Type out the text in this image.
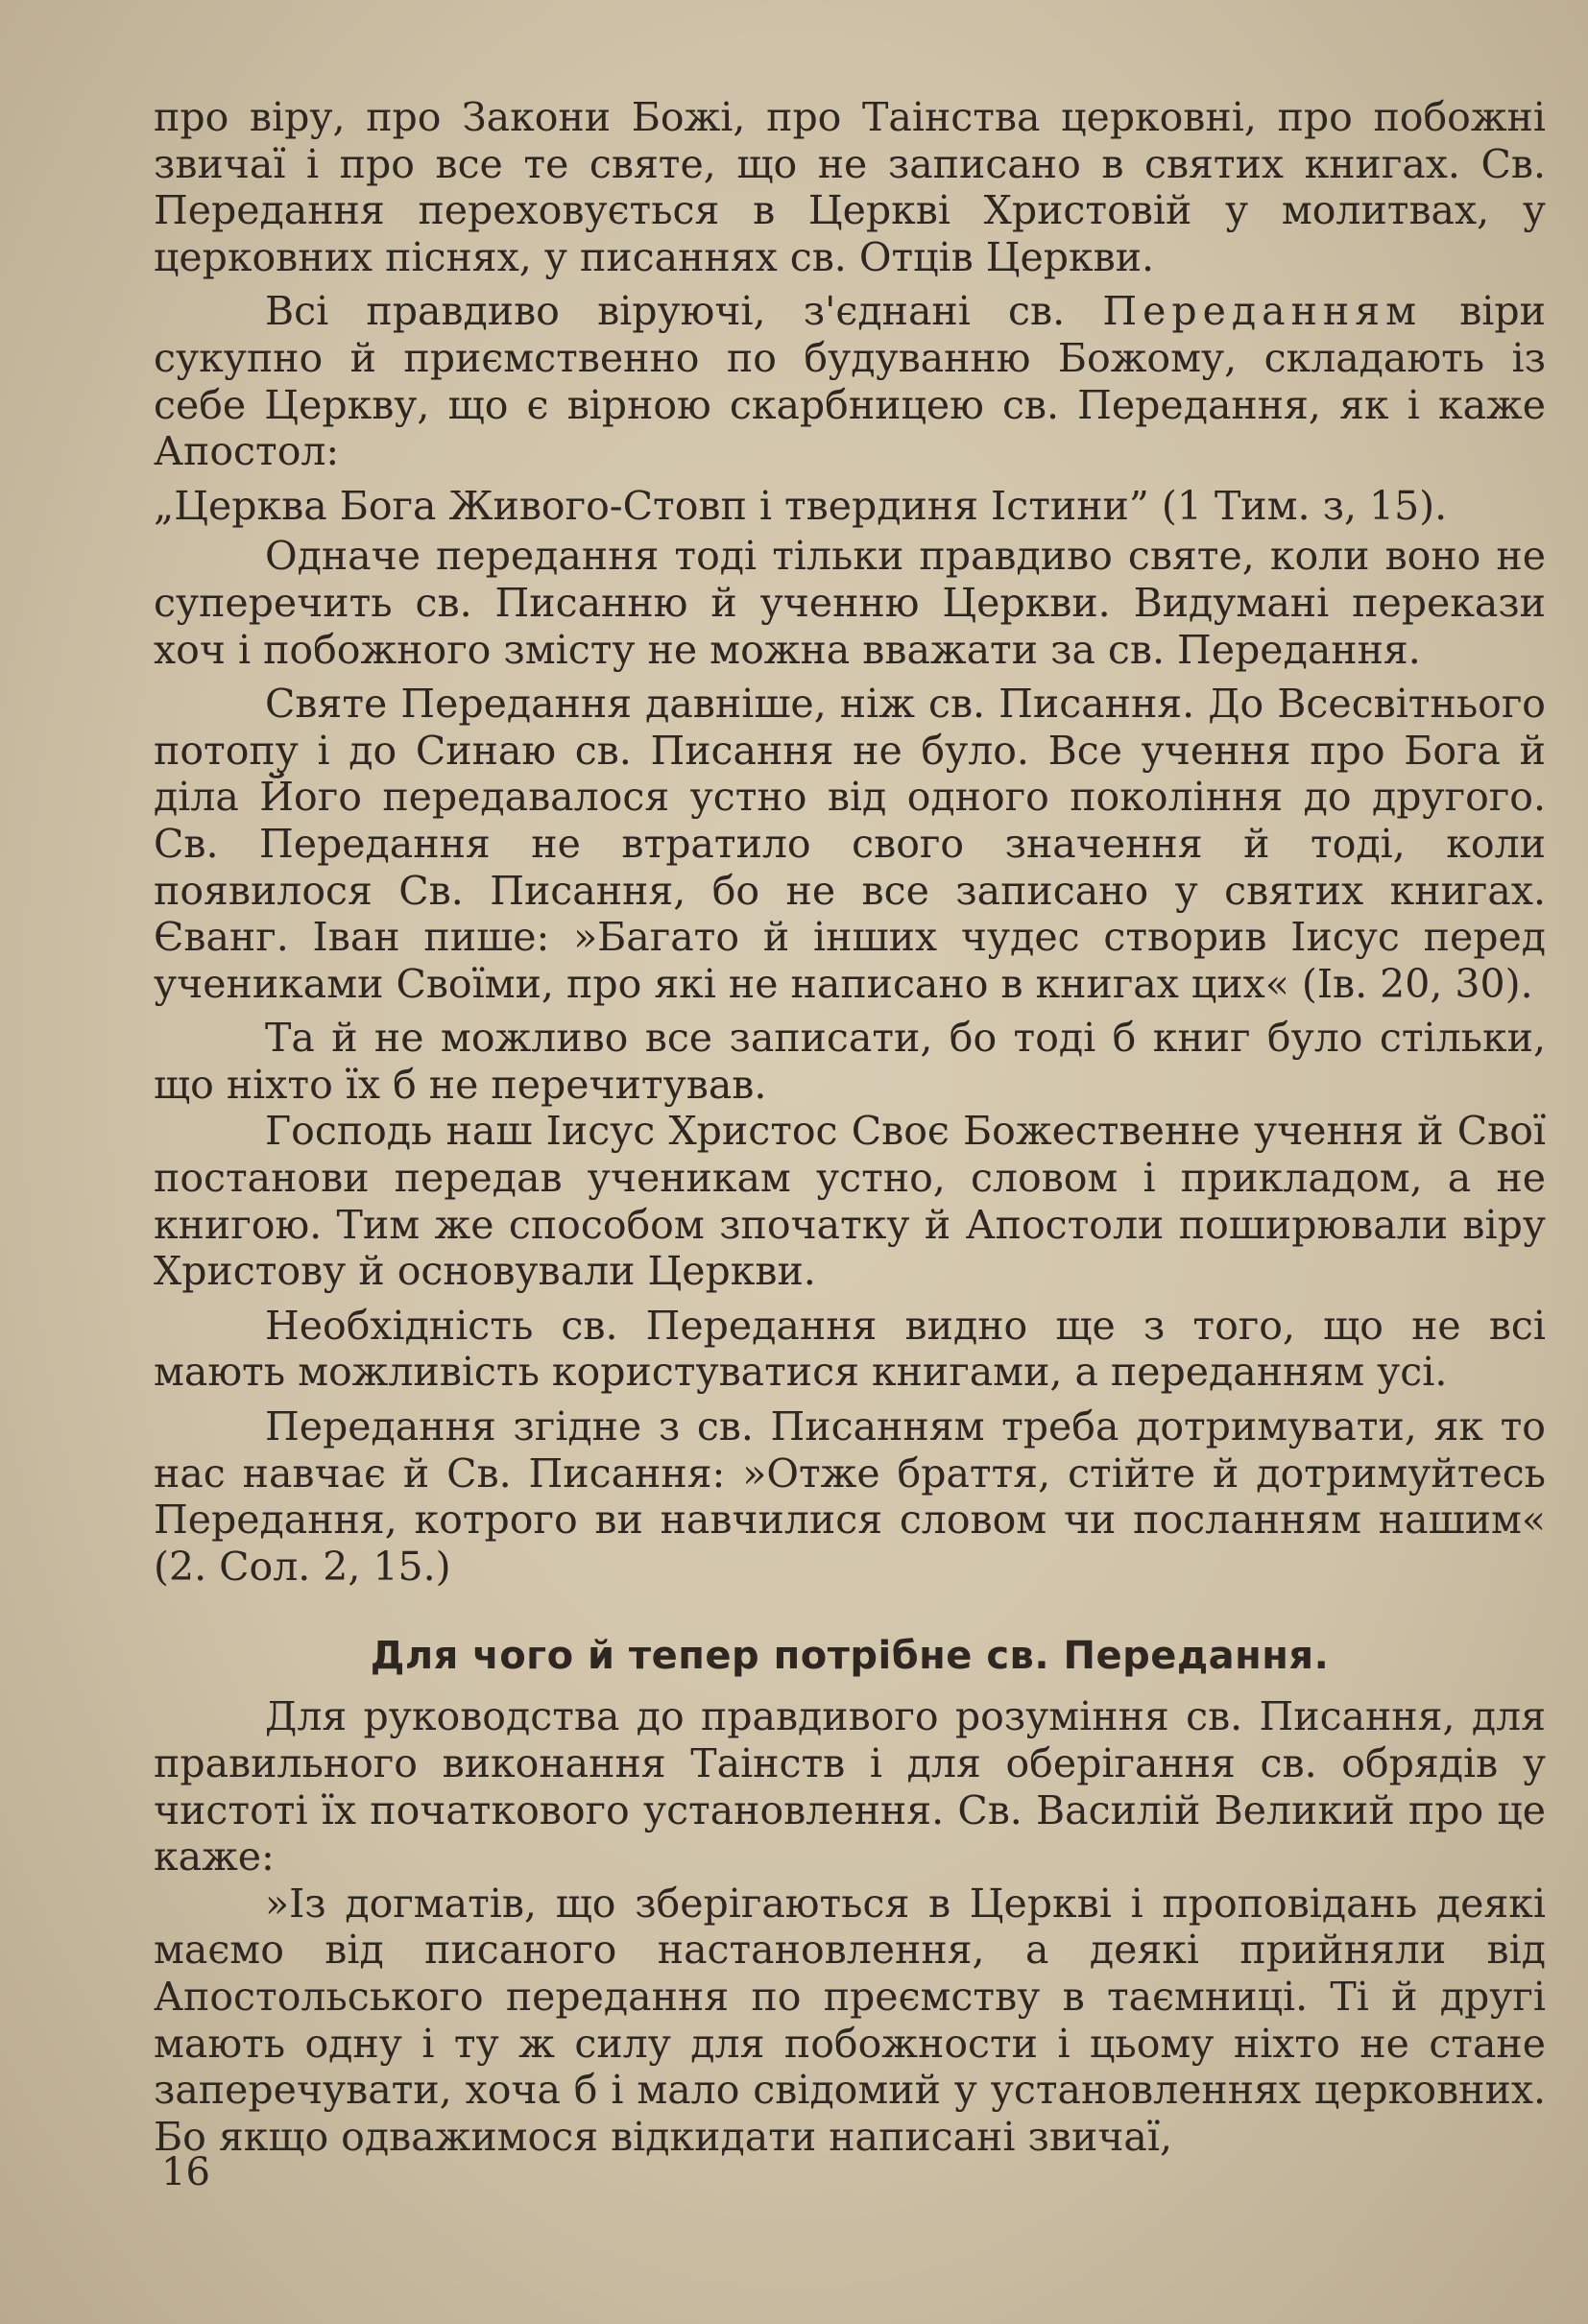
про віру, про Закони Божі, про Таінства церковні, про побожні звичаї і про все те святе, що не записано в святих книгах. Св. Передання переховується в Церкві Христовій у молитвах, у церковних піснях, у писаннях св. Отців Церкви.

Всі правдиво віруючі, з'єднані св. Переданням віри сукупно й приємственно по будуванню Божому, складають із себе Церкву, що є вірною скарбницею св. Передання, як і каже Апостол:

„Церква Бога Живого-Стовп і твердиня Істини” (1 Тим. з, 15).

Одначе передання тоді тільки правдиво святе, коли воно не суперечить св. Писанню й ученню Церкви. Видумані перекази хоч і побожного змісту не можна вважати за св. Передання.

Святе Передання давніше, ніж св. Писання. До Всесвітнього потопу і до Синаю св. Писання не було. Все учення про Бога й діла Його передавалося устно від одного покоління до другого. Св. Передання не втратило свого значення й тоді, коли появилося Св. Писання, бо не все записано у святих книгах. Єванг. Іван пише: »Багато й інших чудес створив Іисус перед учениками Своїми, про які не написано в книгах цих« (Ів. 20, 30).

Та й не можливо все записати, бо тоді б книг було стільки, що ніхто їх б не перечитував.

Господь наш Іисус Христос Своє Божественне учення й Свої постанови передав ученикам устно, словом і прикладом, а не книгою. Тим же способом зпочатку й Апостоли поширювали віру Христову й основували Церкви.

Необхідність св. Передання видно ще з того, що не всі мають можливість користуватися книгами, а переданням усі.

Передання згідне з св. Писанням треба дотримувати, як то нас навчає й Св. Писання: »Отже браття, стійте й дотримуйтесь Передання, котрого ви навчилися словом чи посланням нашим« (2. Сол. 2, 15.)

Для чого й тепер потрібне св. Передання.

Для руководства до правдивого розуміння св. Писання, для правильного виконання Таінств і для оберігання св. обрядів у чистоті їх початкового установлення. Св. Василій Великий про це каже:

»Із догматів, що зберігаються в Церкві і проповідань деякі маємо від писаного настановлення, а деякі прийняли від Апостольського передання по преємству в таємниці. Ті й другі мають одну і ту ж силу для побожности і цьому ніхто не стане заперечувати, хоча б і мало свідомий у установленнях церковних. Бо якщо одважимося відкидати написані звичаї,

16
